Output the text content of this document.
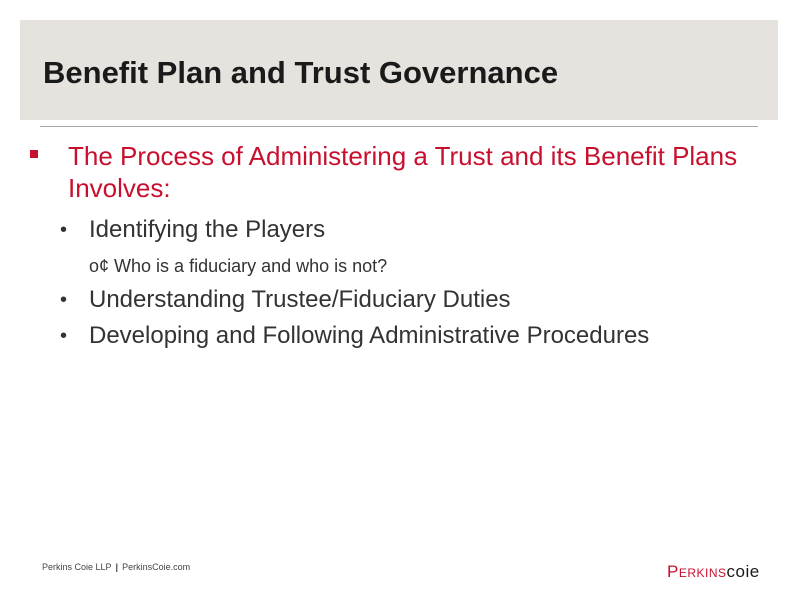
Benefit Plan and Trust Governance
The Process of Administering a Trust and its Benefit Plans Involves:
• Identifying the Players
o¢ Who is a fiduciary and who is not?
• Understanding Trustee/Fiduciary Duties
• Developing and Following Administrative Procedures
Perkins Coie LLP | PerkinsCoie.com	Perkinscoie
